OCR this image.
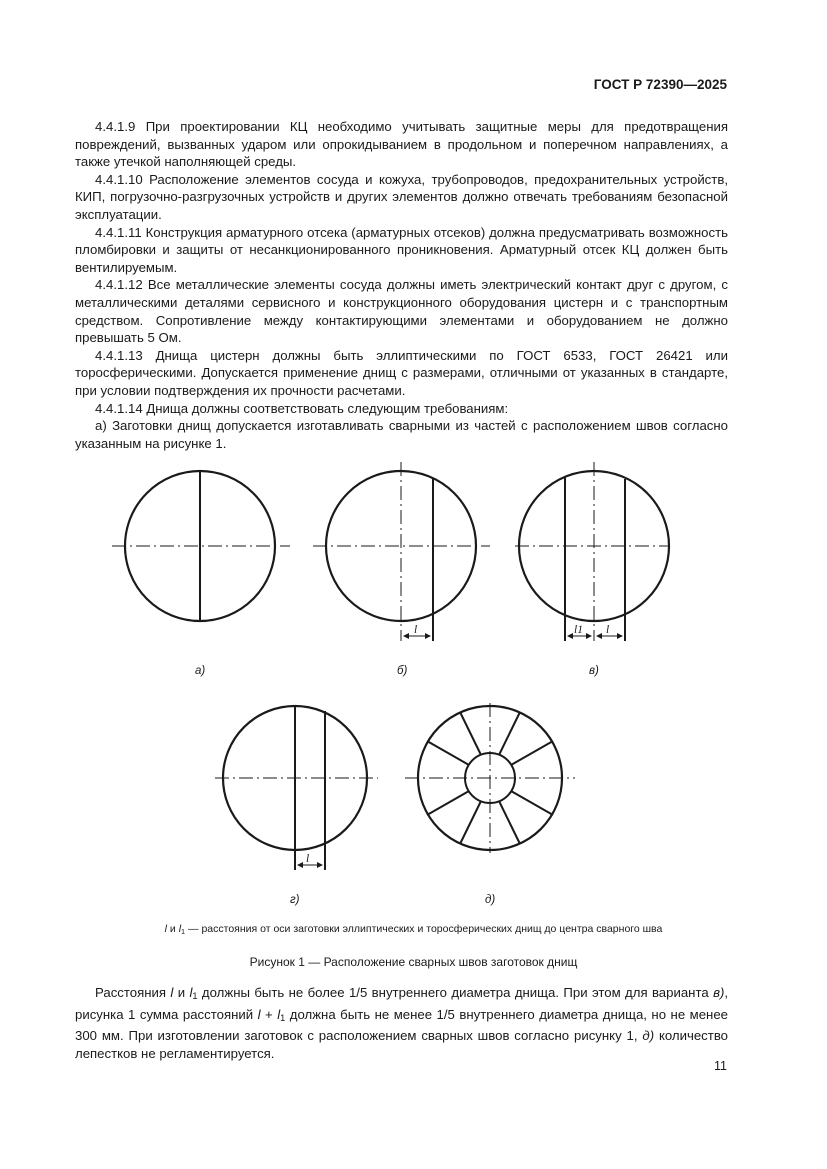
ГОСТ Р 72390—2025

4.4.1.9 При проектировании КЦ необходимо учитывать защитные меры для предотвращения повреждений, вызванных ударом или опрокидыванием в продольном и поперечном направлениях, а также утечкой наполняющей среды.

4.4.1.10 Расположение элементов сосуда и кожуха, трубопроводов, предохранительных устройств, КИП, погрузочно-разгрузочных устройств и других элементов должно отвечать требованиям безопасной эксплуатации.

4.4.1.11 Конструкция арматурного отсека (арматурных отсеков) должна предусматривать возможность пломбировки и защиты от несанкционированного проникновения. Арматурный отсек КЦ должен быть вентилируемым.

4.4.1.12 Все металлические элементы сосуда должны иметь электрический контакт друг с другом, с металлическими деталями сервисного и конструкционного оборудования цистерн и с транспортным средством. Сопротивление между контактирующими элементами и оборудованием не должно превышать 5 Ом.

4.4.1.13 Днища цистерн должны быть эллиптическими по ГОСТ 6533, ГОСТ 26421 или торосферическими. Допускается применение днищ с размерами, отличными от указанных в стандарте, при условии подтверждения их прочности расчетами.

4.4.1.14 Днища должны соответствовать следующим требованиям:

а) Заготовки днищ допускается изготавливать сварными из частей с расположением швов согласно указанным на рисунке 1.

l	l1 l
l
а)	б)	в)
г)	д)
l и $l_1$ — расстояния от оси заготовки эллиптических и торосферических днищ до центра сварного шва
Рисунок 1 — Расположение сварных швов заготовок днищ

Расстояния l и $l_1$ должны быть не более 1/5 внутреннего диаметра днища. При этом для варианта в), рисунка 1 сумма расстояний $l + l_1$ должна быть не менее 1/5 внутреннего диаметра днища, но не менее 300 мм. При изготовлении заготовок с расположением сварных швов согласно рисунку 1, д) количество лепестков не регламентируется.

11
